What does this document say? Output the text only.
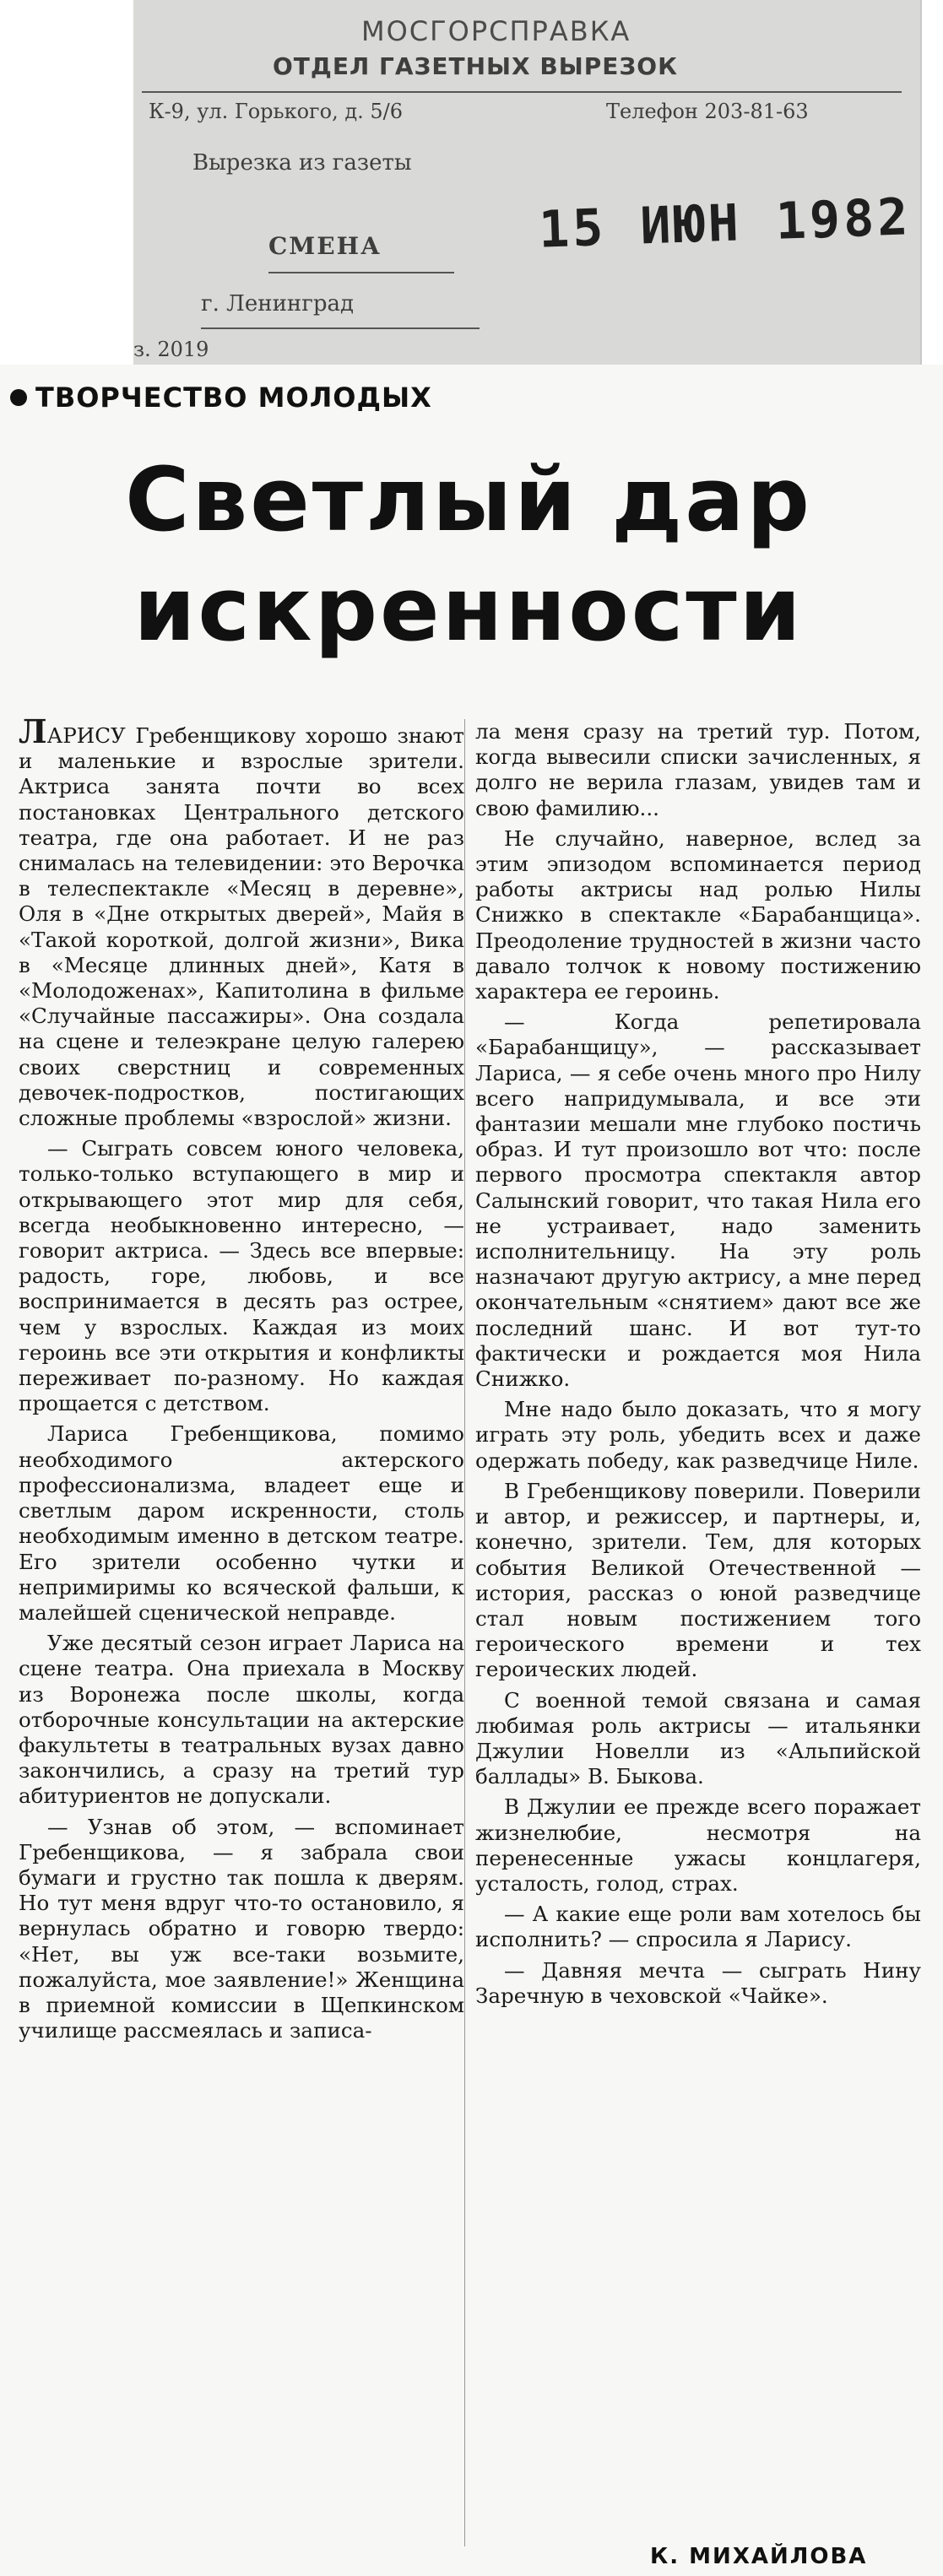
МОСГОРСПРАВКА
ОТДЕЛ ГАЗЕТНЫХ ВЫРЕЗОК
К-9, ул. Горького, д. 5/6	Телефон 203-81-63
Вырезка из газеты
СМЕНА
г. Ленинград
з. 2019
15 ИЮН 1982
ТВОРЧЕСТВО МОЛОДЫХ
Светлый дар
искренности

ЛАРИСУ Гребенщикову хорошо знают и маленькие и взрослые зрители. Актриса занята почти во всех постановках Центрального детского театра, где она работает. И не раз снималась на телевидении: это Верочка в телеспектакле «Месяц в деревне», Оля в «Дне открытых дверей», Майя в «Такой короткой, долгой жизни», Вика в «Месяце длинных дней», Катя в «Молодоженах», Капитолина в фильме «Случайные пассажиры». Она создала на сцене и телеэкране целую галерею своих сверстниц и современных девочек-подростков, постигающих сложные проблемы «взрослой» жизни.

— Сыграть совсем юного человека, только-только вступающего в мир и открывающего этот мир для себя, всегда необыкновенно интересно, — говорит актриса. — Здесь все впервые: радость, горе, любовь, и все воспринимается в десять раз острее, чем у взрослых. Каждая из моих героинь все эти открытия и конфликты переживает по-разному. Но каждая прощается с детством.

Лариса Гребенщикова, помимо необходимого актерского профессионализма, владеет еще и светлым даром искренности, столь необходимым именно в детском театре. Его зрители особенно чутки и непримиримы ко всяческой фальши, к малейшей сценической неправде.

Уже десятый сезон играет Лариса на сцене театра. Она приехала в Москву из Воронежа после школы, когда отборочные консультации на актерские факультеты в театральных вузах давно закончились, а сразу на третий тур абитуриентов не допускали.

— Узнав об этом, — вспоминает Гребенщикова, — я забрала свои бумаги и грустно так пошла к дверям. Но тут меня вдруг что-то остановило, я вернулась обратно и говорю твердо: «Нет, вы уж все-таки возьмите, пожалуйста, мое заявление!» Женщина в приемной комиссии в Щепкинском училище рассмеялась и записа-

ла меня сразу на третий тур. Потом, когда вывесили списки зачисленных, я долго не верила глазам, увидев там и свою фамилию...

Не случайно, наверное, вслед за этим эпизодом вспоминается период работы актрисы над ролью Нилы Снижко в спектакле «Барабанщица». Преодоление трудностей в жизни часто давало толчок к новому постижению характера ее героинь.

— Когда репетировала «Барабанщицу», — рассказывает Лариса, — я себе очень много про Нилу всего напридумывала, и все эти фантазии мешали мне глубоко постичь образ. И тут произошло вот что: после первого просмотра спектакля автор Салынский говорит, что такая Нила его не устраивает, надо заменить исполнительницу. На эту роль назначают другую актрису, а мне перед окончательным «снятием» дают все же последний шанс. И вот тут-то фактически и рождается моя Нила Снижко.

Мне надо было доказать, что я могу играть эту роль, убедить всех и даже одержать победу, как разведчице Ниле.

В Гребенщикову поверили. Поверили и автор, и режиссер, и партнеры, и, конечно, зрители. Тем, для которых события Великой Отечественной — история, рассказ о юной разведчице стал новым постижением того героического времени и тех героических людей.

С военной темой связана и самая любимая роль актрисы — итальянки Джулии Новелли из «Альпийской баллады» В. Быкова.

В Джулии ее прежде всего поражает жизнелюбие, несмотря на перенесенные ужасы концлагеря, усталость, голод, страх.

— А какие еще роли вам хотелось бы исполнить? — спросила я Ларису.

— Давняя мечта — сыграть Нину Заречную в чеховской «Чайке».

К. МИХАЙЛОВА
